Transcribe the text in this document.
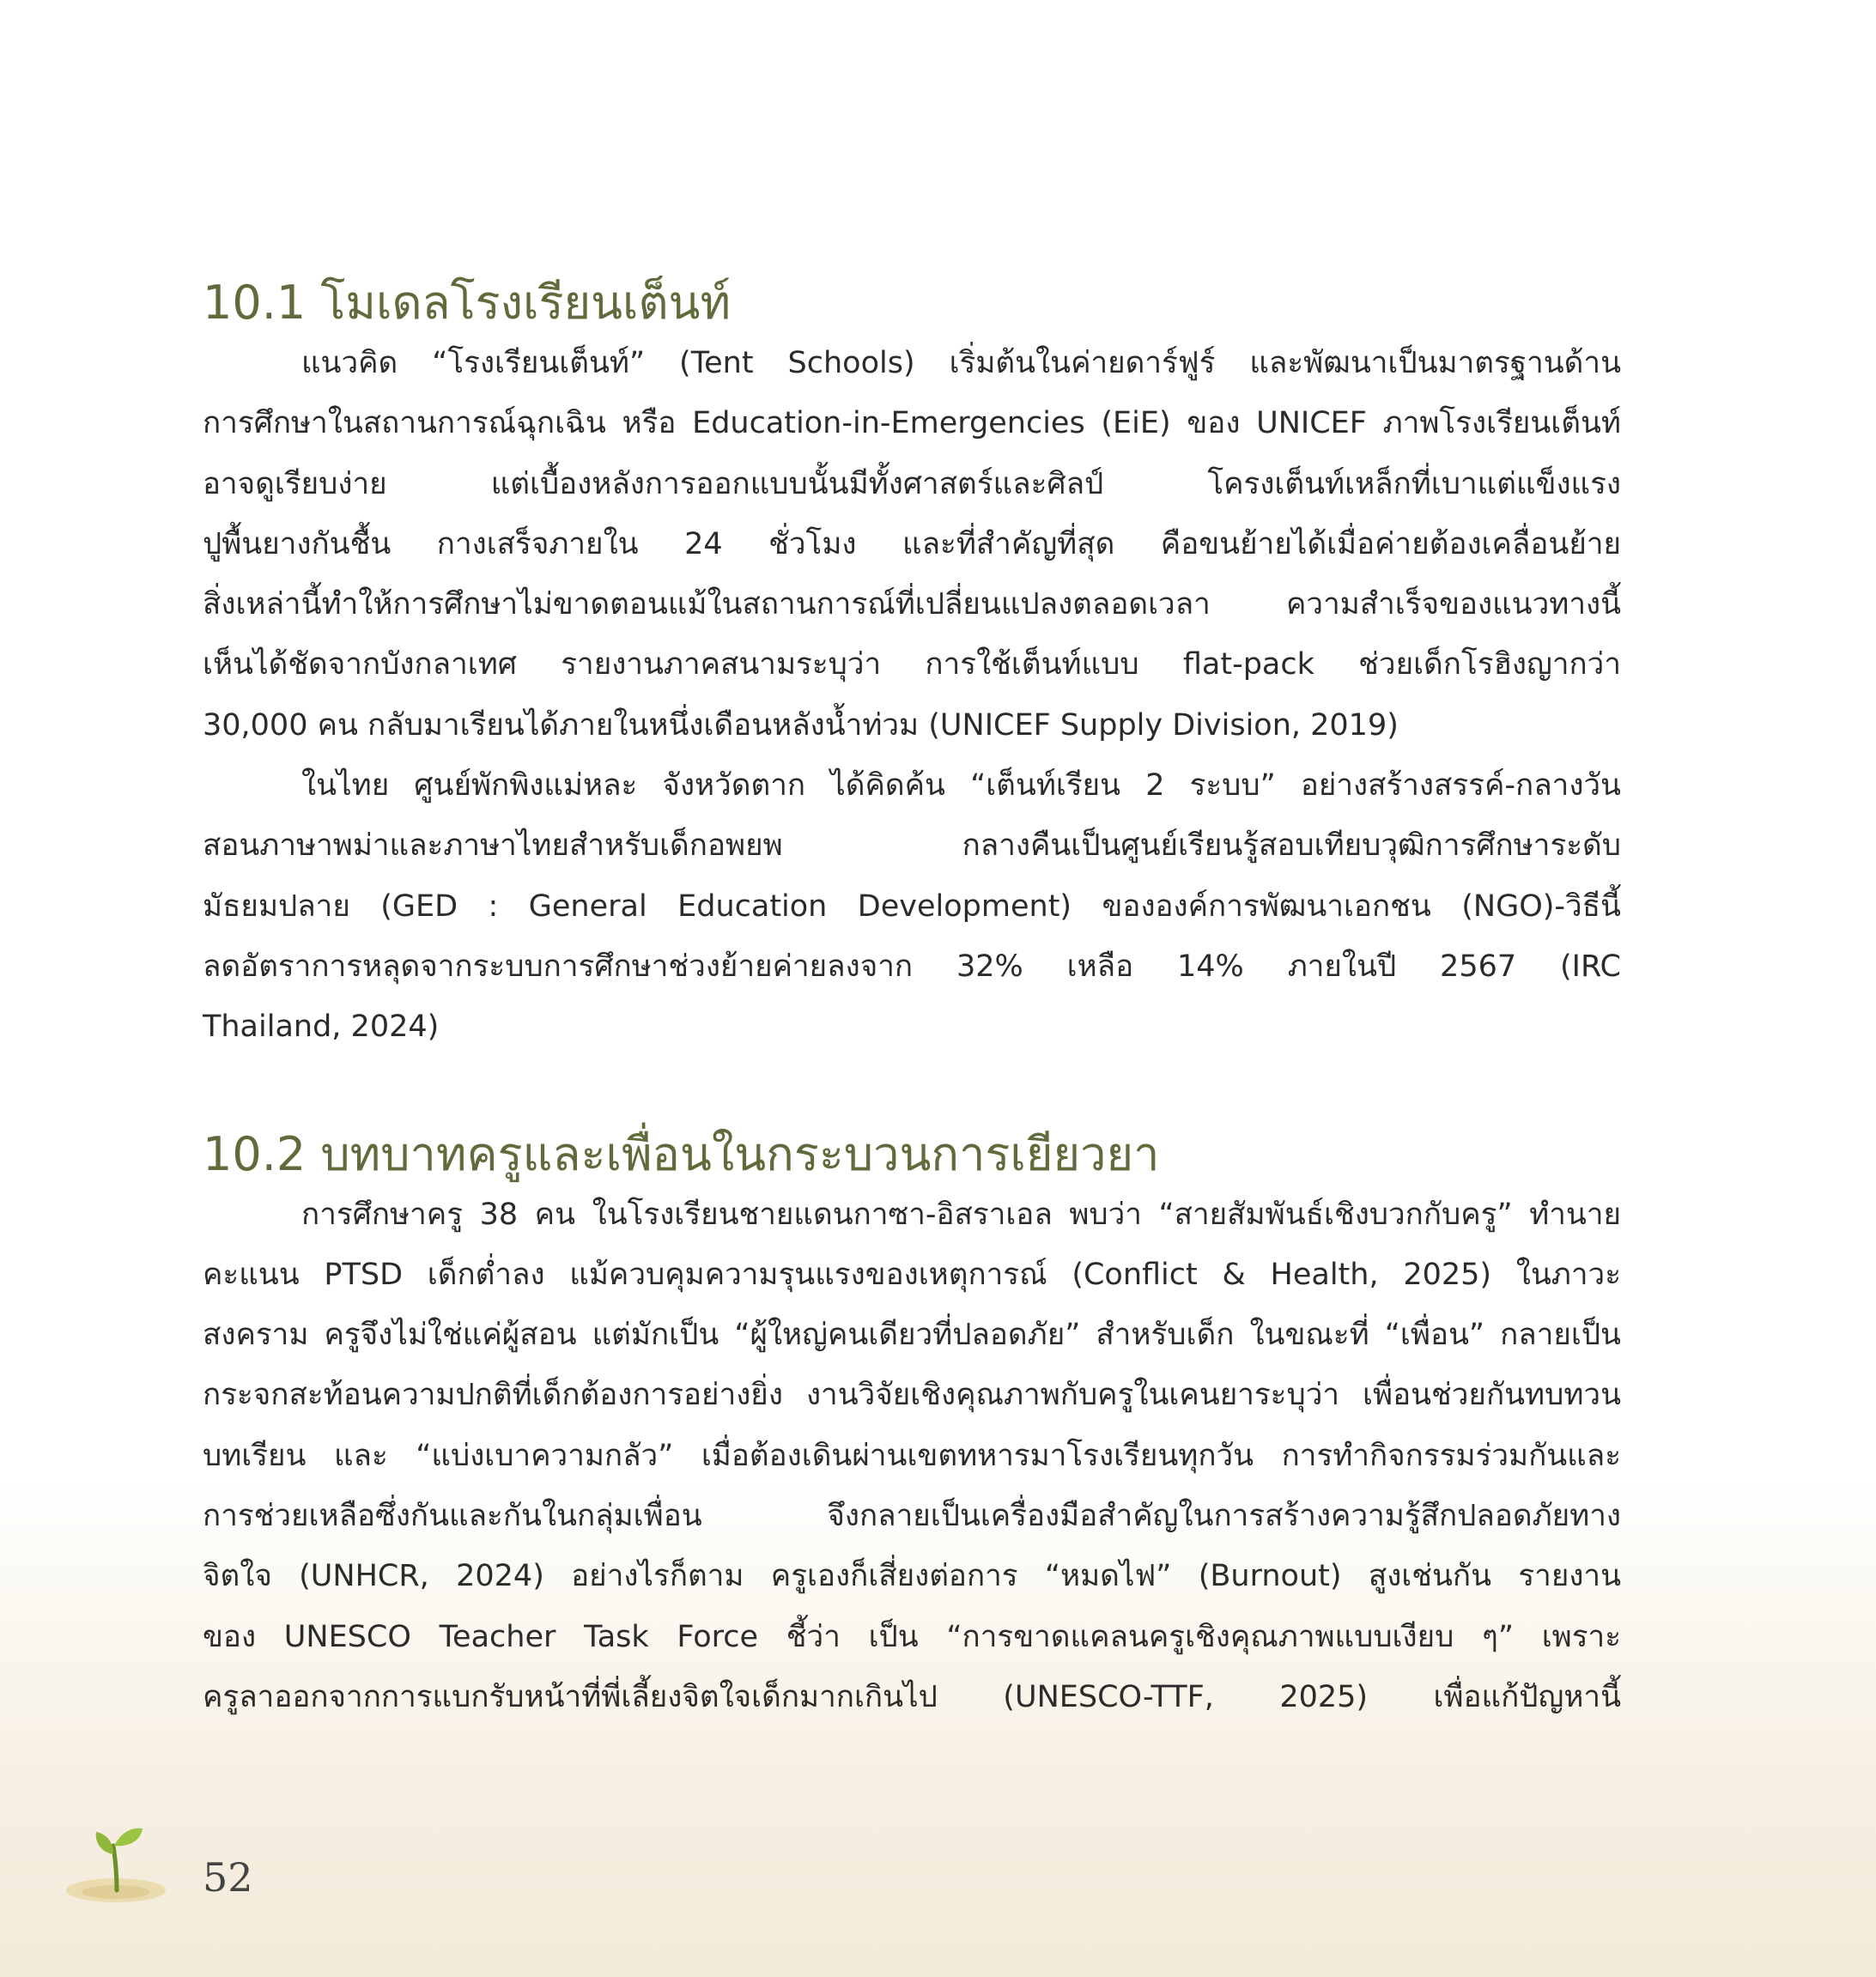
10.1 โมเดลโรงเรียนเต็นท์
แนวคิด “โรงเรียนเต็นท์” (Tent Schools) เริ่มต้นในค่ายดาร์ฟูร์ และพัฒนาเป็นมาตรฐานด้าน
การศึกษาในสถานการณ์ฉุกเฉิน หรือ Education-in-Emergencies (EiE) ของ UNICEF ภาพโรงเรียนเต็นท์
อาจดูเรียบง่าย แต่เบื้องหลังการออกแบบนั้นมีทั้งศาสตร์และศิลป์ โครงเต็นท์เหล็กที่เบาแต่แข็งแรง
ปูพื้นยางกันชื้น กางเสร็จภายใน 24 ชั่วโมง และที่สำคัญที่สุด คือขนย้ายได้เมื่อค่ายต้องเคลื่อนย้าย
สิ่งเหล่านี้ทำให้การศึกษาไม่ขาดตอนแม้ในสถานการณ์ที่เปลี่ยนแปลงตลอดเวลา ความสำเร็จของแนวทางนี้
เห็นได้ชัดจากบังกลาเทศ รายงานภาคสนามระบุว่า การใช้เต็นท์แบบ flat-pack ช่วยเด็กโรฮิงญากว่า
30,000 คน กลับมาเรียนได้ภายในหนึ่งเดือนหลังน้ำท่วม (UNICEF Supply Division, 2019)
ในไทย ศูนย์พักพิงแม่หละ จังหวัดตาก ได้คิดค้น “เต็นท์เรียน 2 ระบบ” อย่างสร้างสรรค์-กลางวัน
สอนภาษาพม่าและภาษาไทยสำหรับเด็กอพยพ กลางคืนเป็นศูนย์เรียนรู้สอบเทียบวุฒิการศึกษาระดับ
มัธยมปลาย (GED : General Education Development) ขององค์การพัฒนาเอกชน (NGO)-วิธีนี้
ลดอัตราการหลุดจากระบบการศึกษาช่วงย้ายค่ายลงจาก 32% เหลือ 14% ภายในปี 2567 (IRC
Thailand, 2024)
10.2 บทบาทครูและเพื่อนในกระบวนการเยียวยา
การศึกษาครู 38 คน ในโรงเรียนชายแดนกาซา-อิสราเอล พบว่า “สายสัมพันธ์เชิงบวกกับครู” ทำนาย
คะแนน PTSD เด็กต่ำลง แม้ควบคุมความรุนแรงของเหตุการณ์ (Conflict & Health, 2025) ในภาวะ
สงคราม ครูจึงไม่ใช่แค่ผู้สอน แต่มักเป็น “ผู้ใหญ่คนเดียวที่ปลอดภัย” สำหรับเด็ก ในขณะที่ “เพื่อน” กลายเป็น
กระจกสะท้อนความปกติที่เด็กต้องการอย่างยิ่ง งานวิจัยเชิงคุณภาพกับครูในเคนยาระบุว่า เพื่อนช่วยกันทบทวน
บทเรียน และ “แบ่งเบาความกลัว” เมื่อต้องเดินผ่านเขตทหารมาโรงเรียนทุกวัน การทำกิจกรรมร่วมกันและ
การช่วยเหลือซึ่งกันและกันในกลุ่มเพื่อน จึงกลายเป็นเครื่องมือสำคัญในการสร้างความรู้สึกปลอดภัยทาง
จิตใจ (UNHCR, 2024) อย่างไรก็ตาม ครูเองก็เสี่ยงต่อการ “หมดไฟ” (Burnout) สูงเช่นกัน รายงาน
ของ UNESCO Teacher Task Force ชี้ว่า เป็น “การขาดแคลนครูเชิงคุณภาพแบบเงียบ ๆ” เพราะ
ครูลาออกจากการแบกรับหน้าที่พี่เลี้ยงจิตใจเด็กมากเกินไป (UNESCO-TTF, 2025) เพื่อแก้ปัญหานี้
52
